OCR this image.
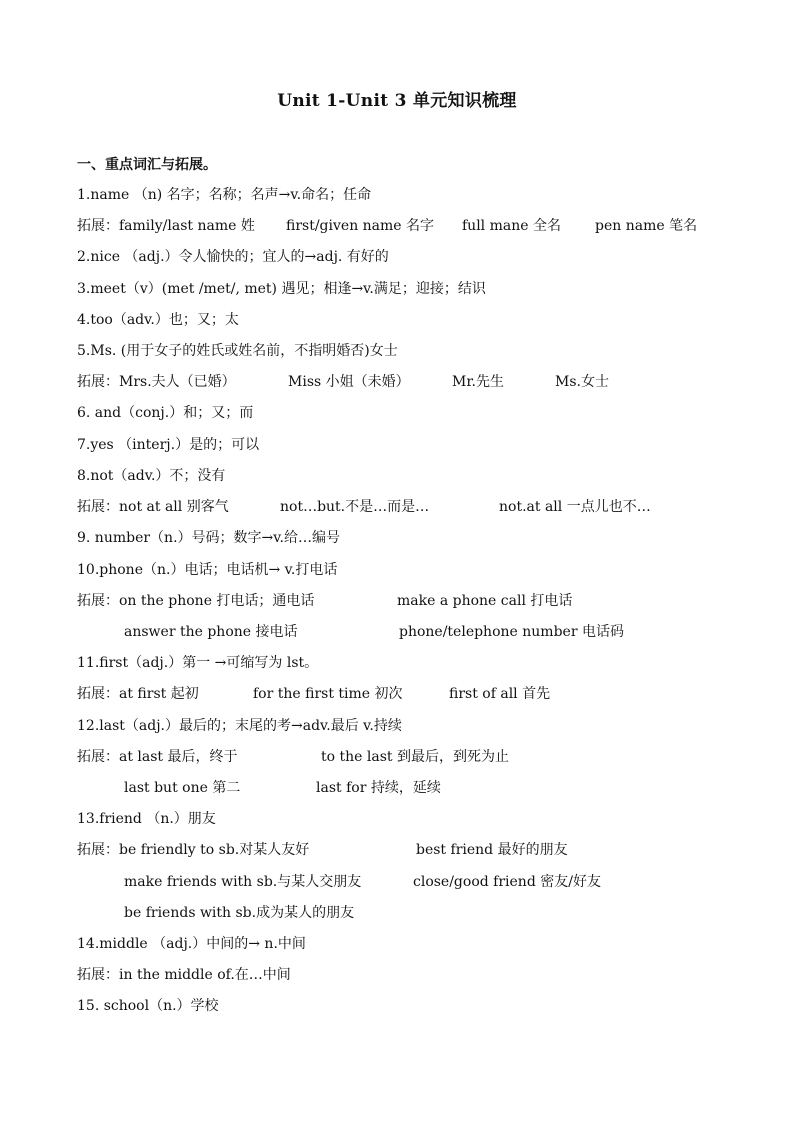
Unit 1-Unit 3 单元知识梳理
一、重点词汇与拓展。
1.name （n) 名字；名称；名声→v.命名；任命
拓展：family/last name 姓 first/given name 名字 full mane 全名 pen name 笔名
2.nice （adj.）令人愉快的；宜人的→adj. 有好的
3.meet（v）(met /met/, met) 遇见；相逢→v.满足；迎接；结识
4.too（adv.）也；又；太
5.Ms. (用于女子的姓氏或姓名前，不指明婚否)女士
拓展：Mrs.夫人（已婚）	Miss 小姐（未婚）	Mr.先生	Ms.女士
6. and（conj.）和；又；而
7.yes （interj.）是的；可以
8.not（adv.）不；没有
拓展：not at all 别客气	not…but.不是…而是…	not.at all 一点儿也不…
9. number（n.）号码；数字→v.给…编号
10.phone（n.）电话；电话机→ v.打电话
拓展：on the phone 打电话；通电话	make a phone call 打电话
answer the phone 接电话	phone/telephone number 电话码
11.first（adj.）第一 →可缩写为 lst。
拓展：at first 起初	for the first time 初次	first of all 首先
12.last（adj.）最后的；末尾的考→adv.最后 v.持续
拓展：at last 最后，终于	to the last 到最后，到死为止
last but one 第二	last for 持续，延续
13.friend （n.）朋友
拓展：be friendly to sb.对某人友好	best friend 最好的朋友
make friends with sb.与某人交朋友	close/good friend 密友/好友
be friends with sb.成为某人的朋友
14.middle （adj.）中间的→ n.中间
拓展：in the middle of.在…中间
15. school（n.）学校
